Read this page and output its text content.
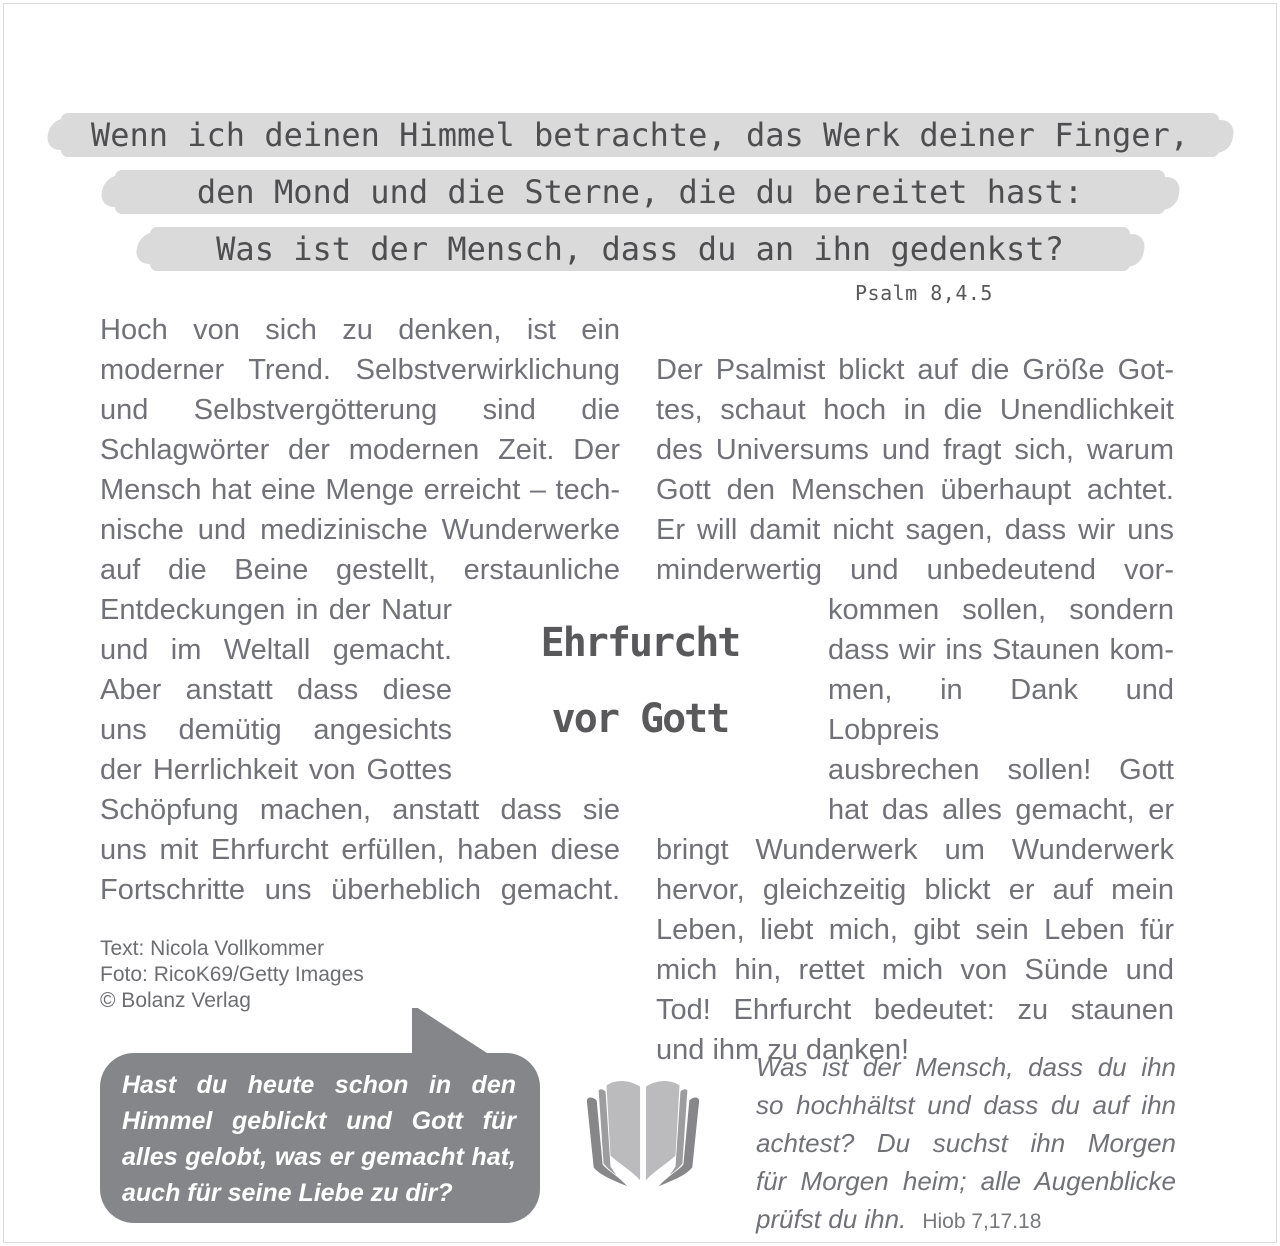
Wenn ich deinen Himmel betrachte, das Werk deiner Finger,
den Mond und die Sterne, die du bereitet hast:
Was ist der Mensch, dass du an ihn gedenkst?
Psalm 8,4.5
Hoch von sich zu denken, ist ein
moderner Trend. Selbstverwirklichung
und Selbstvergötterung sind die
Schlagwörter der modernen Zeit. Der
Mensch hat eine Menge erreicht – tech-
nische und medizinische Wunderwerke
auf die Beine gestellt, erstaunliche
Entdeckungen in der Natur
und im Weltall gemacht.
Aber anstatt dass diese
uns demütig angesichts
der Herrlichkeit von Gottes
Schöpfung machen, anstatt dass sie
uns mit Ehrfurcht erfüllen, haben diese
Fortschritte uns überheblich gemacht.
Der Psalmist blickt auf die Größe Got-
tes, schaut hoch in die Unendlichkeit
des Universums und fragt sich, warum
Gott den Menschen überhaupt achtet.
Er will damit nicht sagen, dass wir uns
minderwertig und unbedeutend vor-
kommen sollen, sondern
dass wir ins Staunen kom-
men, in Dank und Lobpreis
ausbrechen sollen! Gott
hat das alles gemacht, er
bringt Wunderwerk um Wunderwerk
hervor, gleichzeitig blickt er auf mein
Leben, liebt mich, gibt sein Leben für
mich hin, rettet mich von Sünde und
Tod! Ehrfurcht bedeutet: zu staunen
und ihm zu danken!
Ehrfurcht
vor Gott
Text: Nicola Vollkommer
Foto: RicoK69/Getty Images
© Bolanz Verlag
Hast du heute schon in den
Himmel geblickt und Gott für
alles gelobt, was er gemacht hat,
auch für seine Liebe zu dir?
Was ist der Mensch, dass du ihn
so hochhältst und dass du auf ihn
achtest? Du suchst ihn Morgen
für Morgen heim; alle Augenblicke
prüfst du ihn. Hiob 7,17.18
